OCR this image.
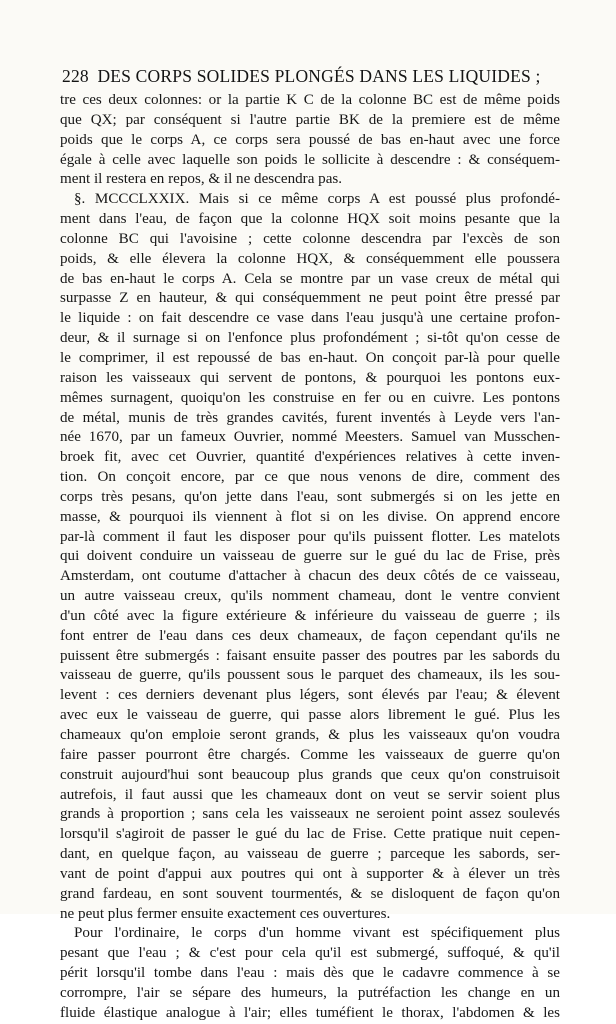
228 DES CORPS SOLIDES PLONGÉS DANS LES LIQUIDES ;
tre ces deux colonnes: or la partie K C de la colonne BC est de même poids
que QX; par conséquent si l'autre partie BK de la premiere est de même
poids que le corps A, ce corps sera poussé de bas en-haut avec une force
égale à celle avec laquelle son poids le sollicite à descendre : & conséquem-
ment il restera en repos, & il ne descendra pas.
§. MCCCLXXIX. Mais si ce même corps A est poussé plus profondé-
ment dans l'eau, de façon que la colonne HQX soit moins pesante que la
colonne BC qui l'avoisine ; cette colonne descendra par l'excès de son
poids, & elle élevera la colonne HQX, & conséquemment elle poussera
de bas en-haut le corps A. Cela se montre par un vase creux de métal qui
surpasse Z en hauteur, & qui conséquemment ne peut point être pressé par
le liquide : on fait descendre ce vase dans l'eau jusqu'à une certaine profon-
deur, & il surnage si on l'enfonce plus profondément ; si-tôt qu'on cesse de
le comprimer, il est repoussé de bas en-haut. On conçoit par-là pour quelle
raison les vaisseaux qui servent de pontons, & pourquoi les pontons eux-
mêmes surnagent, quoiqu'on les construise en fer ou en cuivre. Les pontons
de métal, munis de très grandes cavités, furent inventés à Leyde vers l'an-
née 1670, par un fameux Ouvrier, nommé Meesters. Samuel van Musschen-
broek fit, avec cet Ouvrier, quantité d'expériences relatives à cette inven-
tion. On conçoit encore, par ce que nous venons de dire, comment des
corps très pesans, qu'on jette dans l'eau, sont submergés si on les jette en
masse, & pourquoi ils viennent à flot si on les divise. On apprend encore
par-là comment il faut les disposer pour qu'ils puissent flotter. Les matelots
qui doivent conduire un vaisseau de guerre sur le gué du lac de Frise, près
Amsterdam, ont coutume d'attacher à chacun des deux côtés de ce vaisseau,
un autre vaisseau creux, qu'ils nomment chameau, dont le ventre convient
d'un côté avec la figure extérieure & inférieure du vaisseau de guerre ; ils
font entrer de l'eau dans ces deux chameaux, de façon cependant qu'ils ne
puissent être submergés : faisant ensuite passer des poutres par les sabords du
vaisseau de guerre, qu'ils poussent sous le parquet des chameaux, ils les sou-
levent : ces derniers devenant plus légers, sont élevés par l'eau; & élevent
avec eux le vaisseau de guerre, qui passe alors librement le gué. Plus les
chameaux qu'on emploie seront grands, & plus les vaisseaux qu'on voudra
faire passer pourront être chargés. Comme les vaisseaux de guerre qu'on
construit aujourd'hui sont beaucoup plus grands que ceux qu'on construisoit
autrefois, il faut aussi que les chameaux dont on veut se servir soient plus
grands à proportion ; sans cela les vaisseaux ne seroient point assez soulevés
lorsqu'il s'agiroit de passer le gué du lac de Frise. Cette pratique nuit cepen-
dant, en quelque façon, au vaisseau de guerre ; parceque les sabords, ser-
vant de point d'appui aux poutres qui ont à supporter & à élever un très
grand fardeau, en sont souvent tourmentés, & se disloquent de façon qu'on
ne peut plus fermer ensuite exactement ces ouvertures.
Pour l'ordinaire, le corps d'un homme vivant est spécifiquement plus
pesant que l'eau ; & c'est pour cela qu'il est submergé, suffoqué, & qu'il
périt lorsqu'il tombe dans l'eau : mais dès que le cadavre commence à se
corrompre, l'air se sépare des humeurs, la putréfaction les change en un
fluide élastique analogue à l'air; elles tuméfient le thorax, l'abdomen & les
